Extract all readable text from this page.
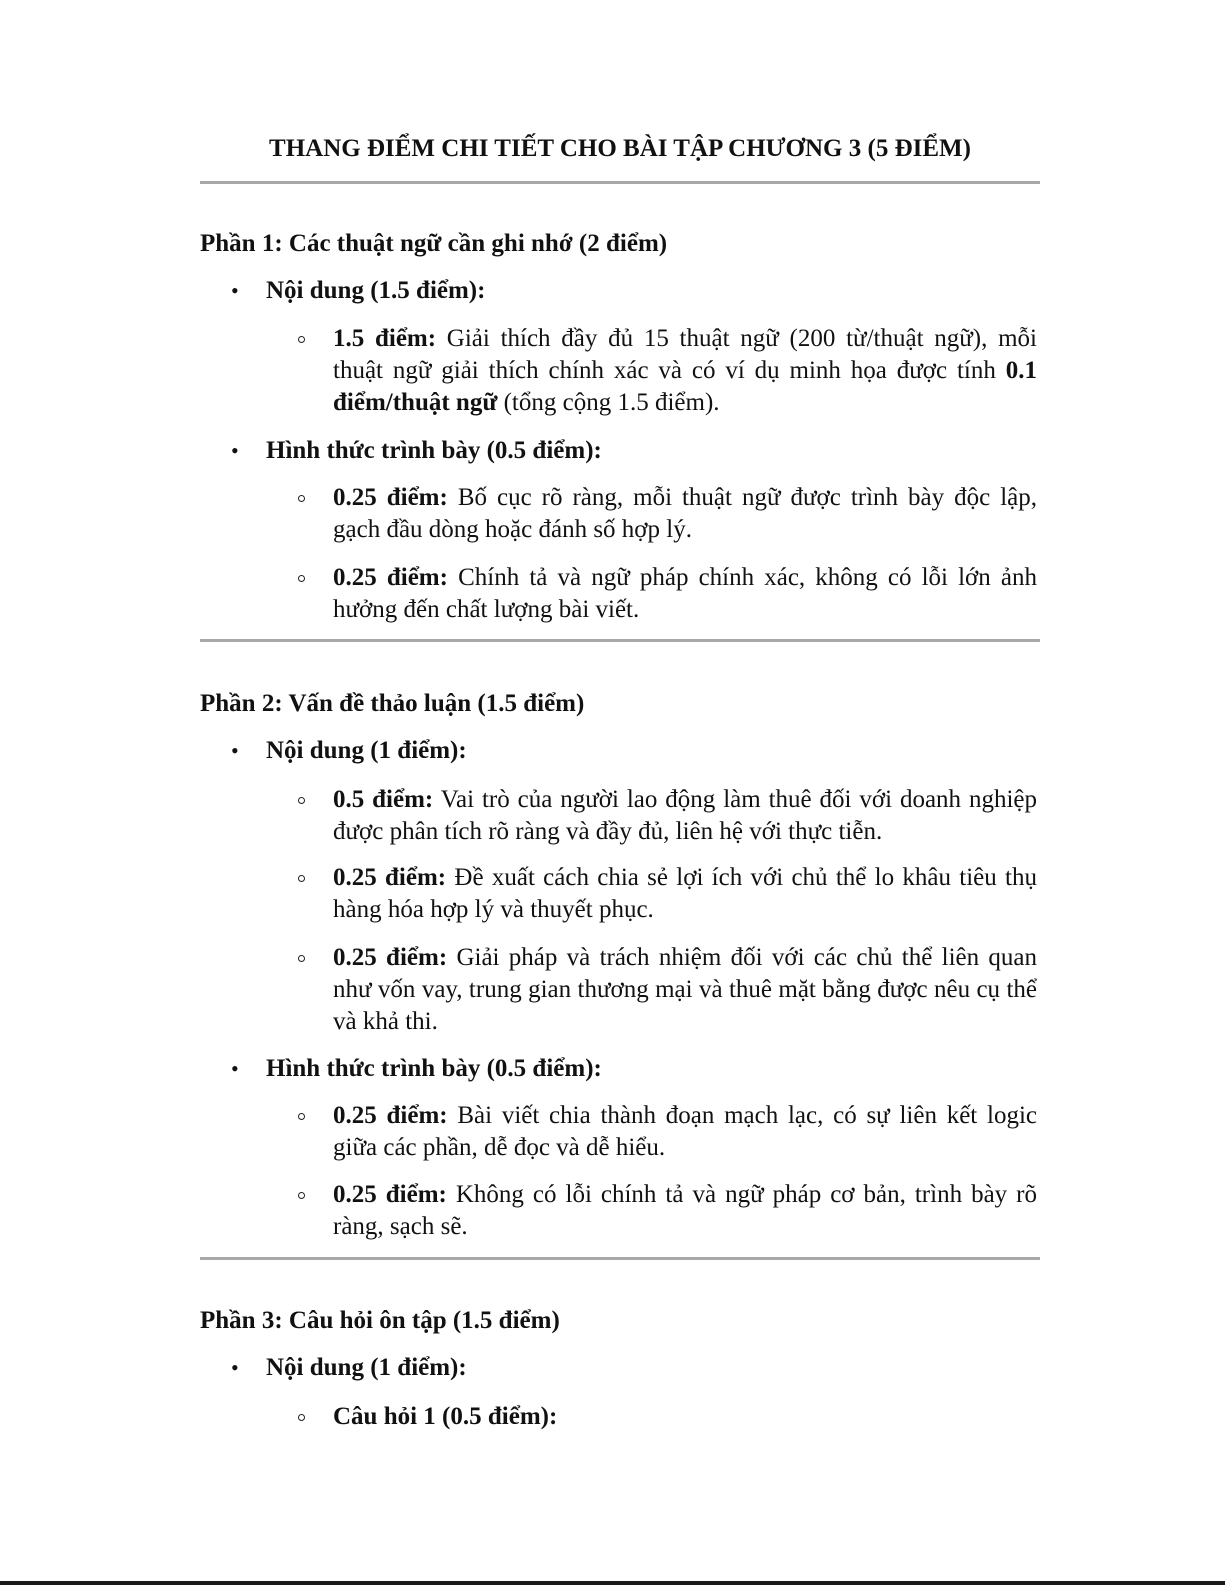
THANG ĐIỂM CHI TIẾT CHO BÀI TẬP CHƯƠNG 3 (5 ĐIỂM)
Phần 1: Các thuật ngữ cần ghi nhớ (2 điểm)
• Nội dung (1.5 điểm):
1.5 điểm: Giải thích đầy đủ 15 thuật ngữ (200 từ/thuật ngữ), mỗi thuật ngữ giải thích chính xác và có ví dụ minh họa được tính 0.1 điểm/thuật ngữ (tổng cộng 1.5 điểm).
• Hình thức trình bày (0.5 điểm):
0.25 điểm: Bố cục rõ ràng, mỗi thuật ngữ được trình bày độc lập, gạch đầu dòng hoặc đánh số hợp lý.
0.25 điểm: Chính tả và ngữ pháp chính xác, không có lỗi lớn ảnh hưởng đến chất lượng bài viết.
Phần 2: Vấn đề thảo luận (1.5 điểm)
• Nội dung (1 điểm):
0.5 điểm: Vai trò của người lao động làm thuê đối với doanh nghiệp được phân tích rõ ràng và đầy đủ, liên hệ với thực tiễn.
0.25 điểm: Đề xuất cách chia sẻ lợi ích với chủ thể lo khâu tiêu thụ hàng hóa hợp lý và thuyết phục.
0.25 điểm: Giải pháp và trách nhiệm đối với các chủ thể liên quan như vốn vay, trung gian thương mại và thuê mặt bằng được nêu cụ thể và khả thi.
• Hình thức trình bày (0.5 điểm):
0.25 điểm: Bài viết chia thành đoạn mạch lạc, có sự liên kết logic giữa các phần, dễ đọc và dễ hiểu.
0.25 điểm: Không có lỗi chính tả và ngữ pháp cơ bản, trình bày rõ ràng, sạch sẽ.
Phần 3: Câu hỏi ôn tập (1.5 điểm)
• Nội dung (1 điểm):
Câu hỏi 1 (0.5 điểm):
